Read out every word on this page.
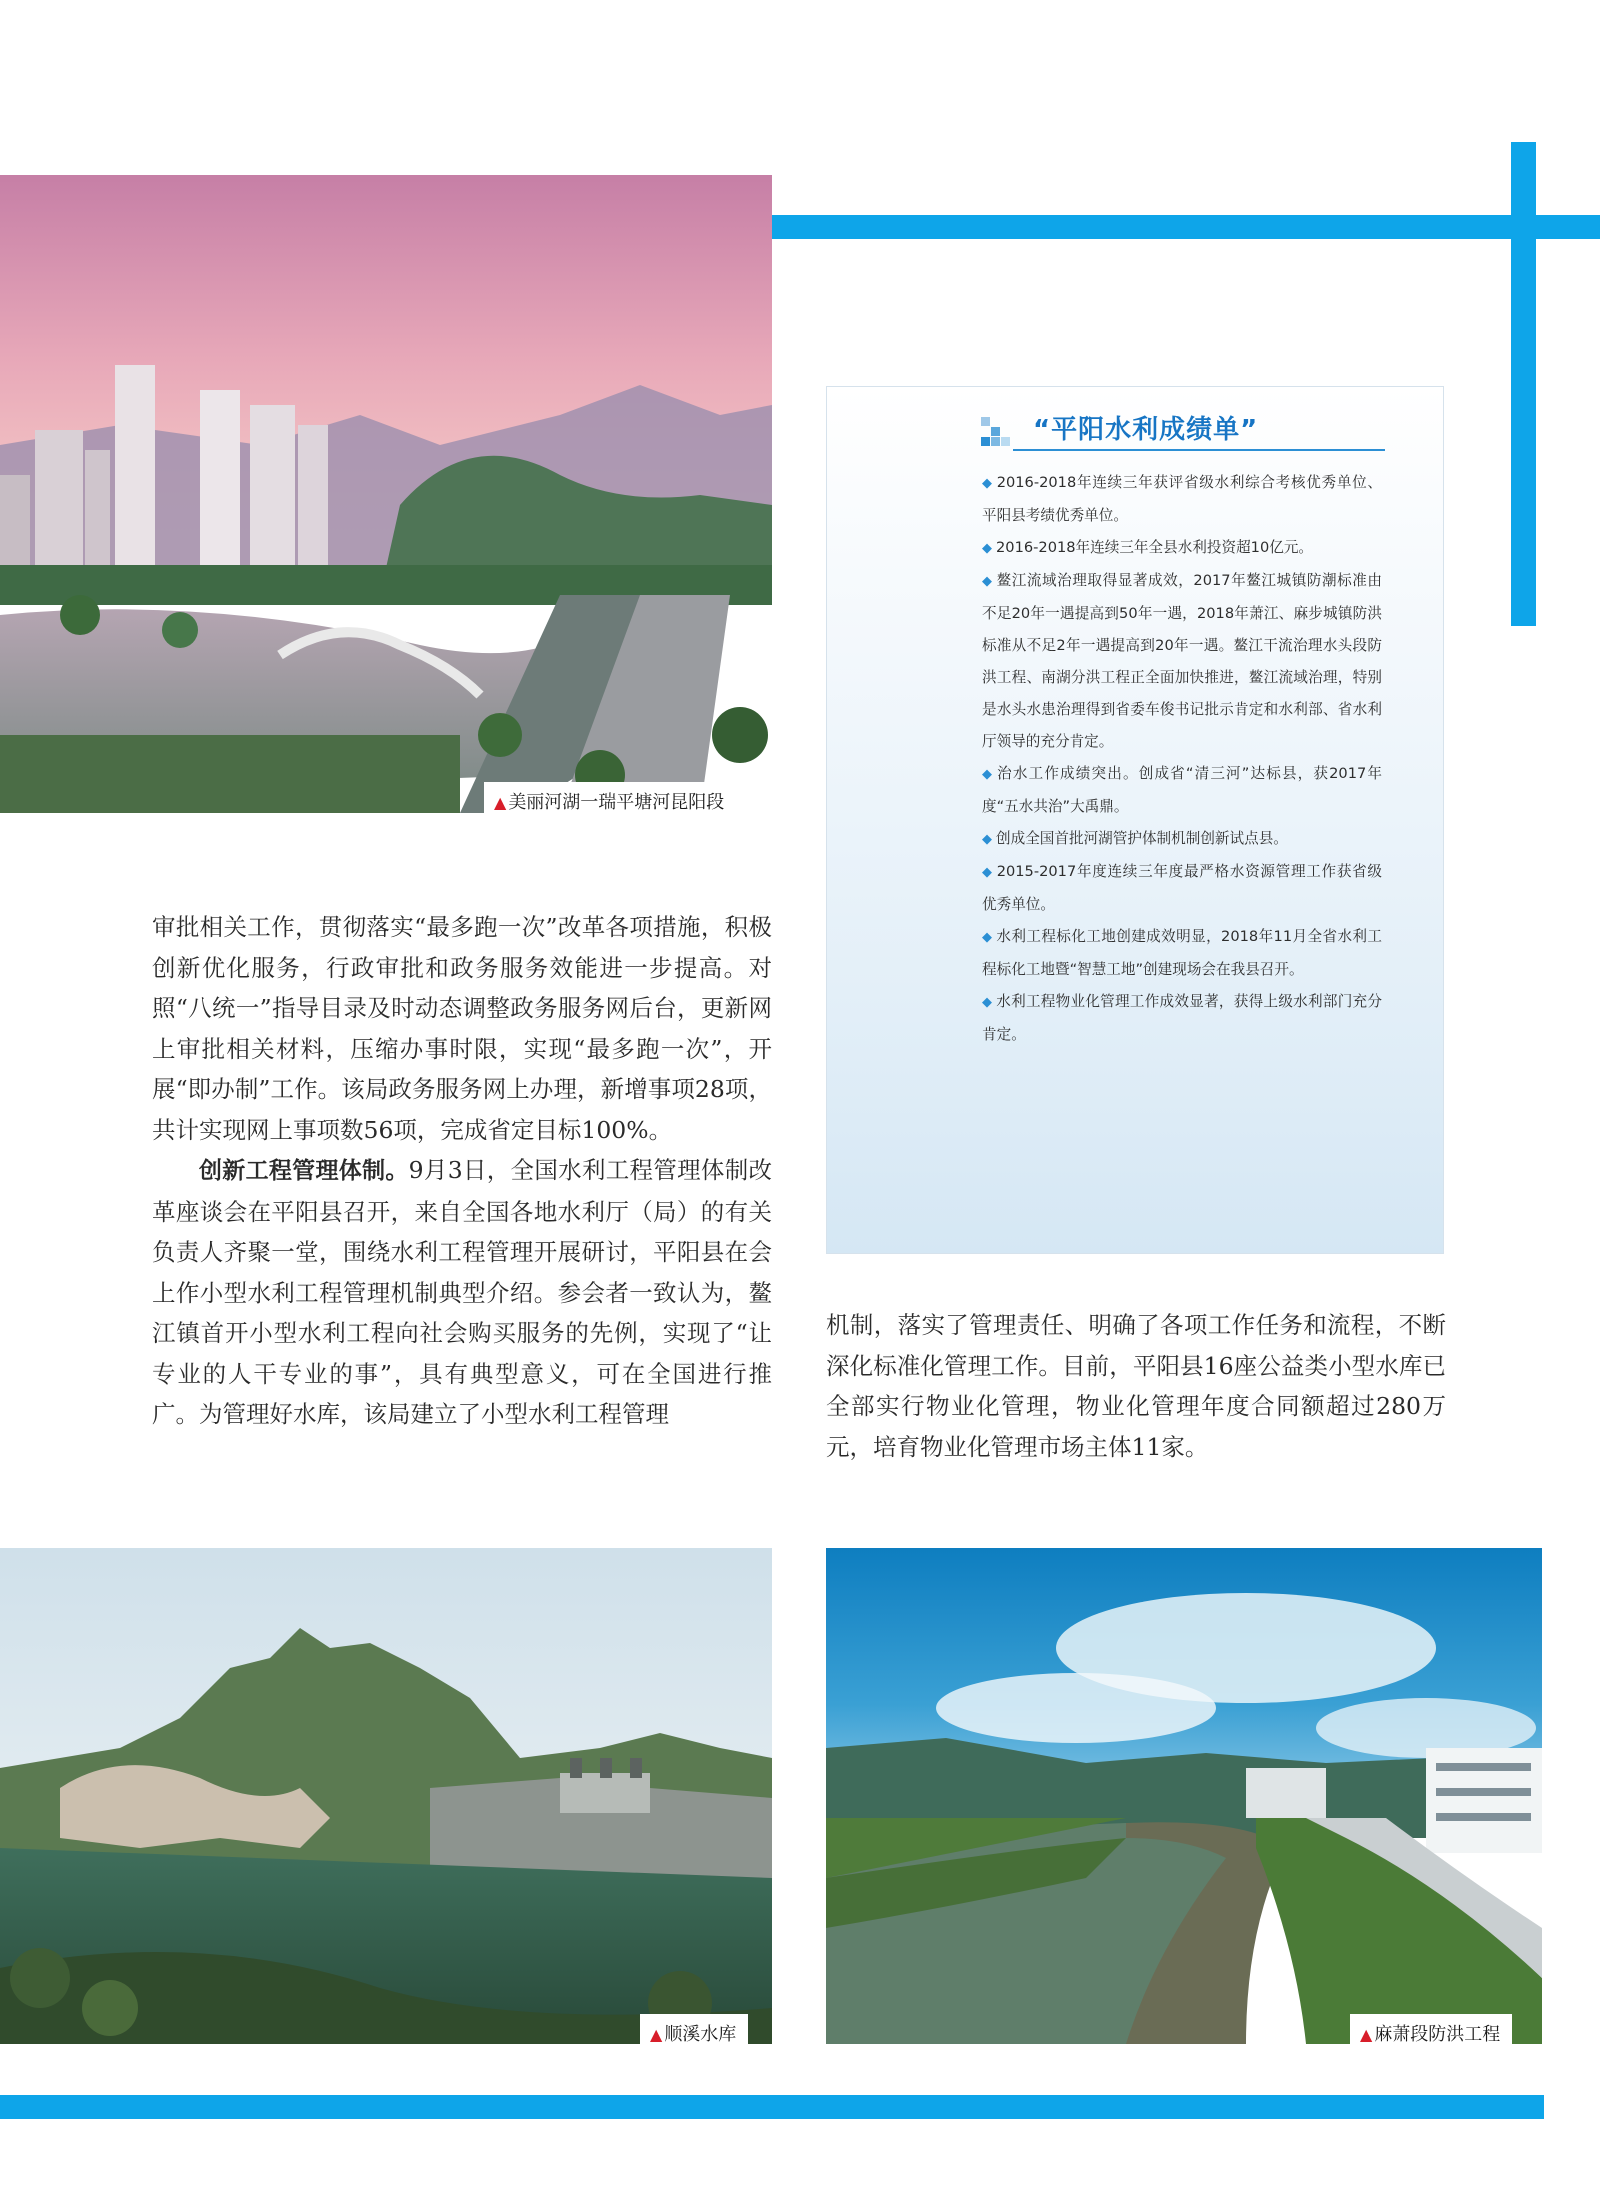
▲ 美丽河湖一瑞平塘河昆阳段
“平阳水利成绩单”

◆ 2016-2018年连续三年获评省级水利综合考核优秀单位、平阳县考绩优秀单位。

◆ 2016-2018年连续三年全县水利投资超10亿元。

◆ 鳌江流域治理取得显著成效，2017年鳌江城镇防潮标准由不足20年一遇提高到50年一遇，2018年萧江、麻步城镇防洪标准从不足2年一遇提高到20年一遇。鳌江干流治理水头段防洪工程、南湖分洪工程正全面加快推进，鳌江流域治理，特别是水头水患治理得到省委车俊书记批示肯定和水利部、省水利厅领导的充分肯定。

◆ 治水工作成绩突出。创成省“清三河”达标县，获2017年度“五水共治”大禹鼎。

◆ 创成全国首批河湖管护体制机制创新试点县。

◆ 2015-2017年度连续三年度最严格水资源管理工作获省级优秀单位。

◆ 水利工程标化工地创建成效明显，2018年11月全省水利工程标化工地暨“智慧工地”创建现场会在我县召开。

◆ 水利工程物业化管理工作成效显著，获得上级水利部门充分肯定。

审批相关工作，贯彻落实“最多跑一次”改革各项措施，积极创新优化服务，行政审批和政务服务效能进一步提高。对照“八统一”指导目录及时动态调整政务服务网后台，更新网上审批相关材料，压缩办事时限，实现“最多跑一次”，开展“即办制”工作。该局政务服务网上办理，新增事项28项，共计实现网上事项数56项，完成省定目标100%。

创新工程管理体制。9月3日，全国水利工程管理体制改革座谈会在平阳县召开，来自全国各地水利厅（局）的有关负责人齐聚一堂，围绕水利工程管理开展研讨，平阳县在会上作小型水利工程管理机制典型介绍。参会者一致认为，鳌江镇首开小型水利工程向社会购买服务的先例，实现了“让专业的人干专业的事”，具有典型意义，可在全国进行推广。为管理好水库，该局建立了小型水利工程管理

机制，落实了管理责任、明确了各项工作任务和流程，不断深化标准化管理工作。目前，平阳县16座公益类小型水库已全部实行物业化管理，物业化管理年度合同额超过280万元，培育物业化管理市场主体11家。

▲ 顺溪水库	▲ 麻萧段防洪工程
